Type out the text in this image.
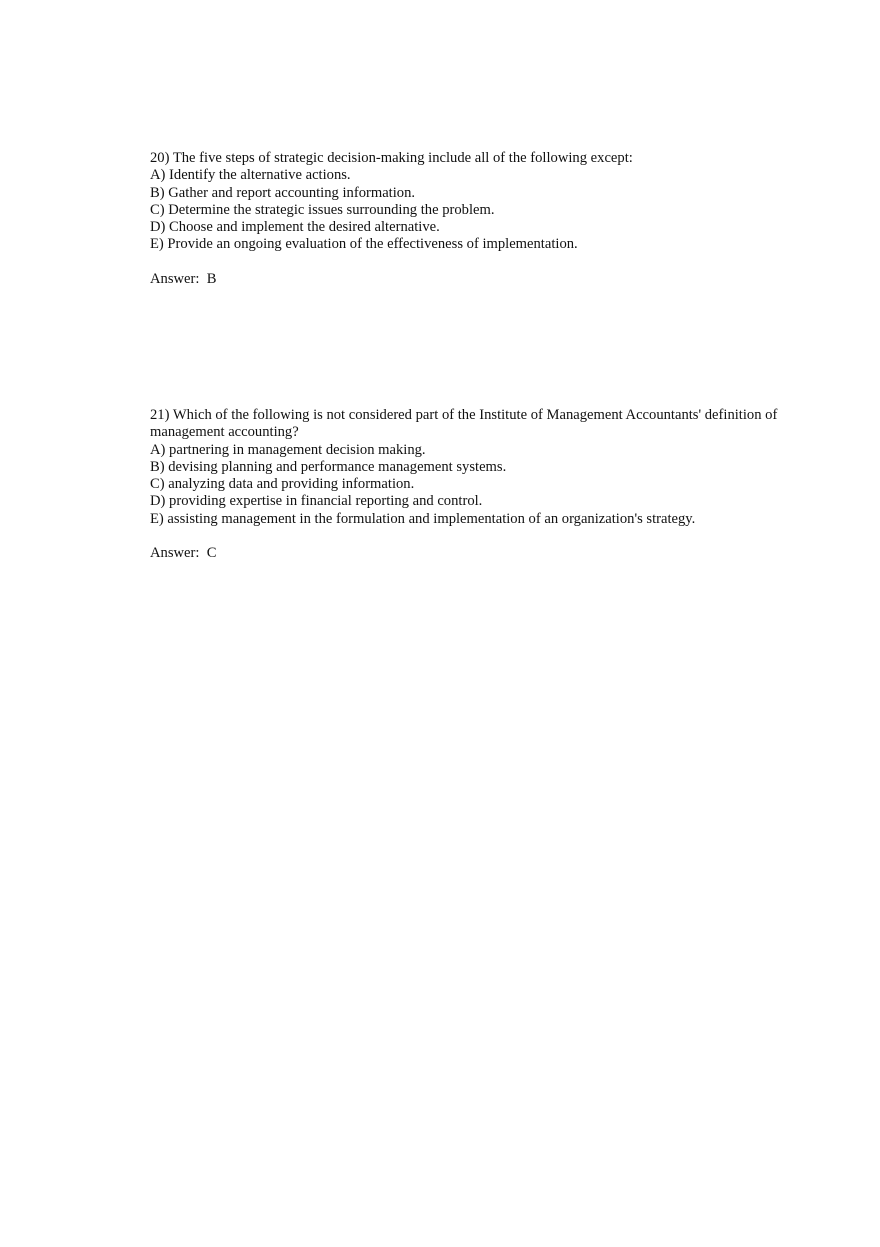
20) The five steps of strategic decision-making include all of the following except:
A) Identify the alternative actions.
B) Gather and report accounting information.
C) Determine the strategic issues surrounding the problem.
D) Choose and implement the desired alternative.
E) Provide an ongoing evaluation of the effectiveness of implementation.
Answer:  B
21) Which of the following is not considered part of the Institute of Management Accountants' definition of management accounting?
A) partnering in management decision making.
B) devising planning and performance management systems.
C) analyzing data and providing information.
D) providing expertise in financial reporting and control.
E) assisting management in the formulation and implementation of an organization's strategy.
Answer:  C
